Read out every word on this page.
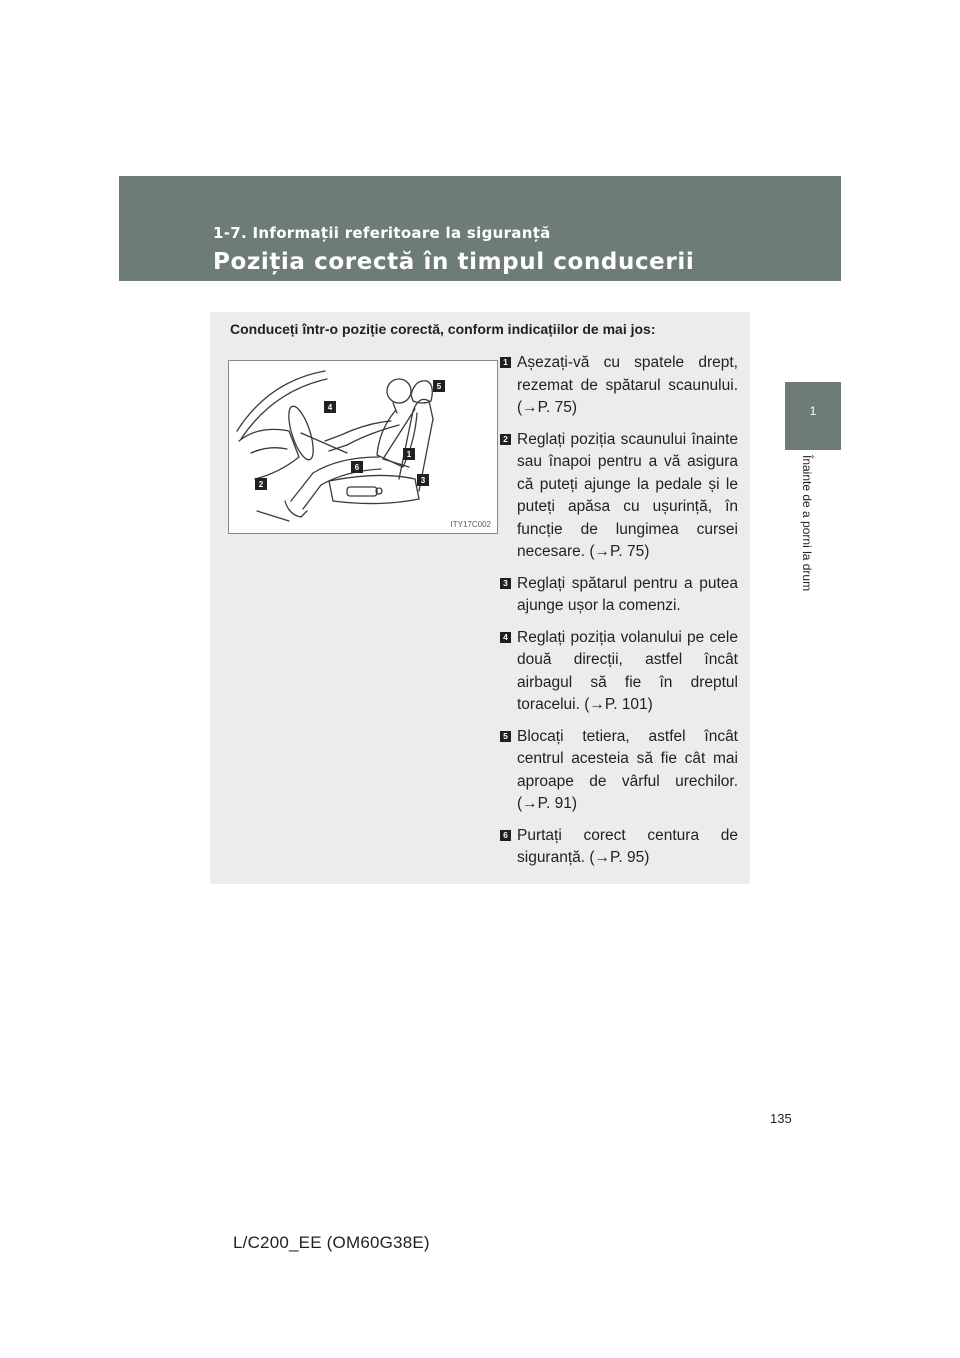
1-7. Informații referitoare la siguranță
Poziția corectă în timpul conducerii
1
Înainte de a porni la drum
Conduceți într-o poziție corectă, conform indicațiilor de mai jos:
5
4
1
6
3
2
ITY17C002
1 Așezați-vă cu spatele drept, rezemat de spătarul scaunului. (→P. 75)
2 Reglați poziția scaunului înainte sau înapoi pentru a vă asigura că puteți ajunge la pedale și le puteți apăsa cu ușurință, în funcție de lungimea cursei necesare. (→P. 75)
3 Reglați spătarul pentru a putea ajunge ușor la comenzi.
4 Reglați poziția volanului pe cele două direcții, astfel încât airbagul să fie în dreptul toracelui. (→P. 101)
5 Blocați tetiera, astfel încât centrul acesteia să fie cât mai aproape de vârful urechilor. (→P. 91)
6 Purtați corect centura de siguranță. (→P. 95)
135
L/C200_EE (OM60G38E)
